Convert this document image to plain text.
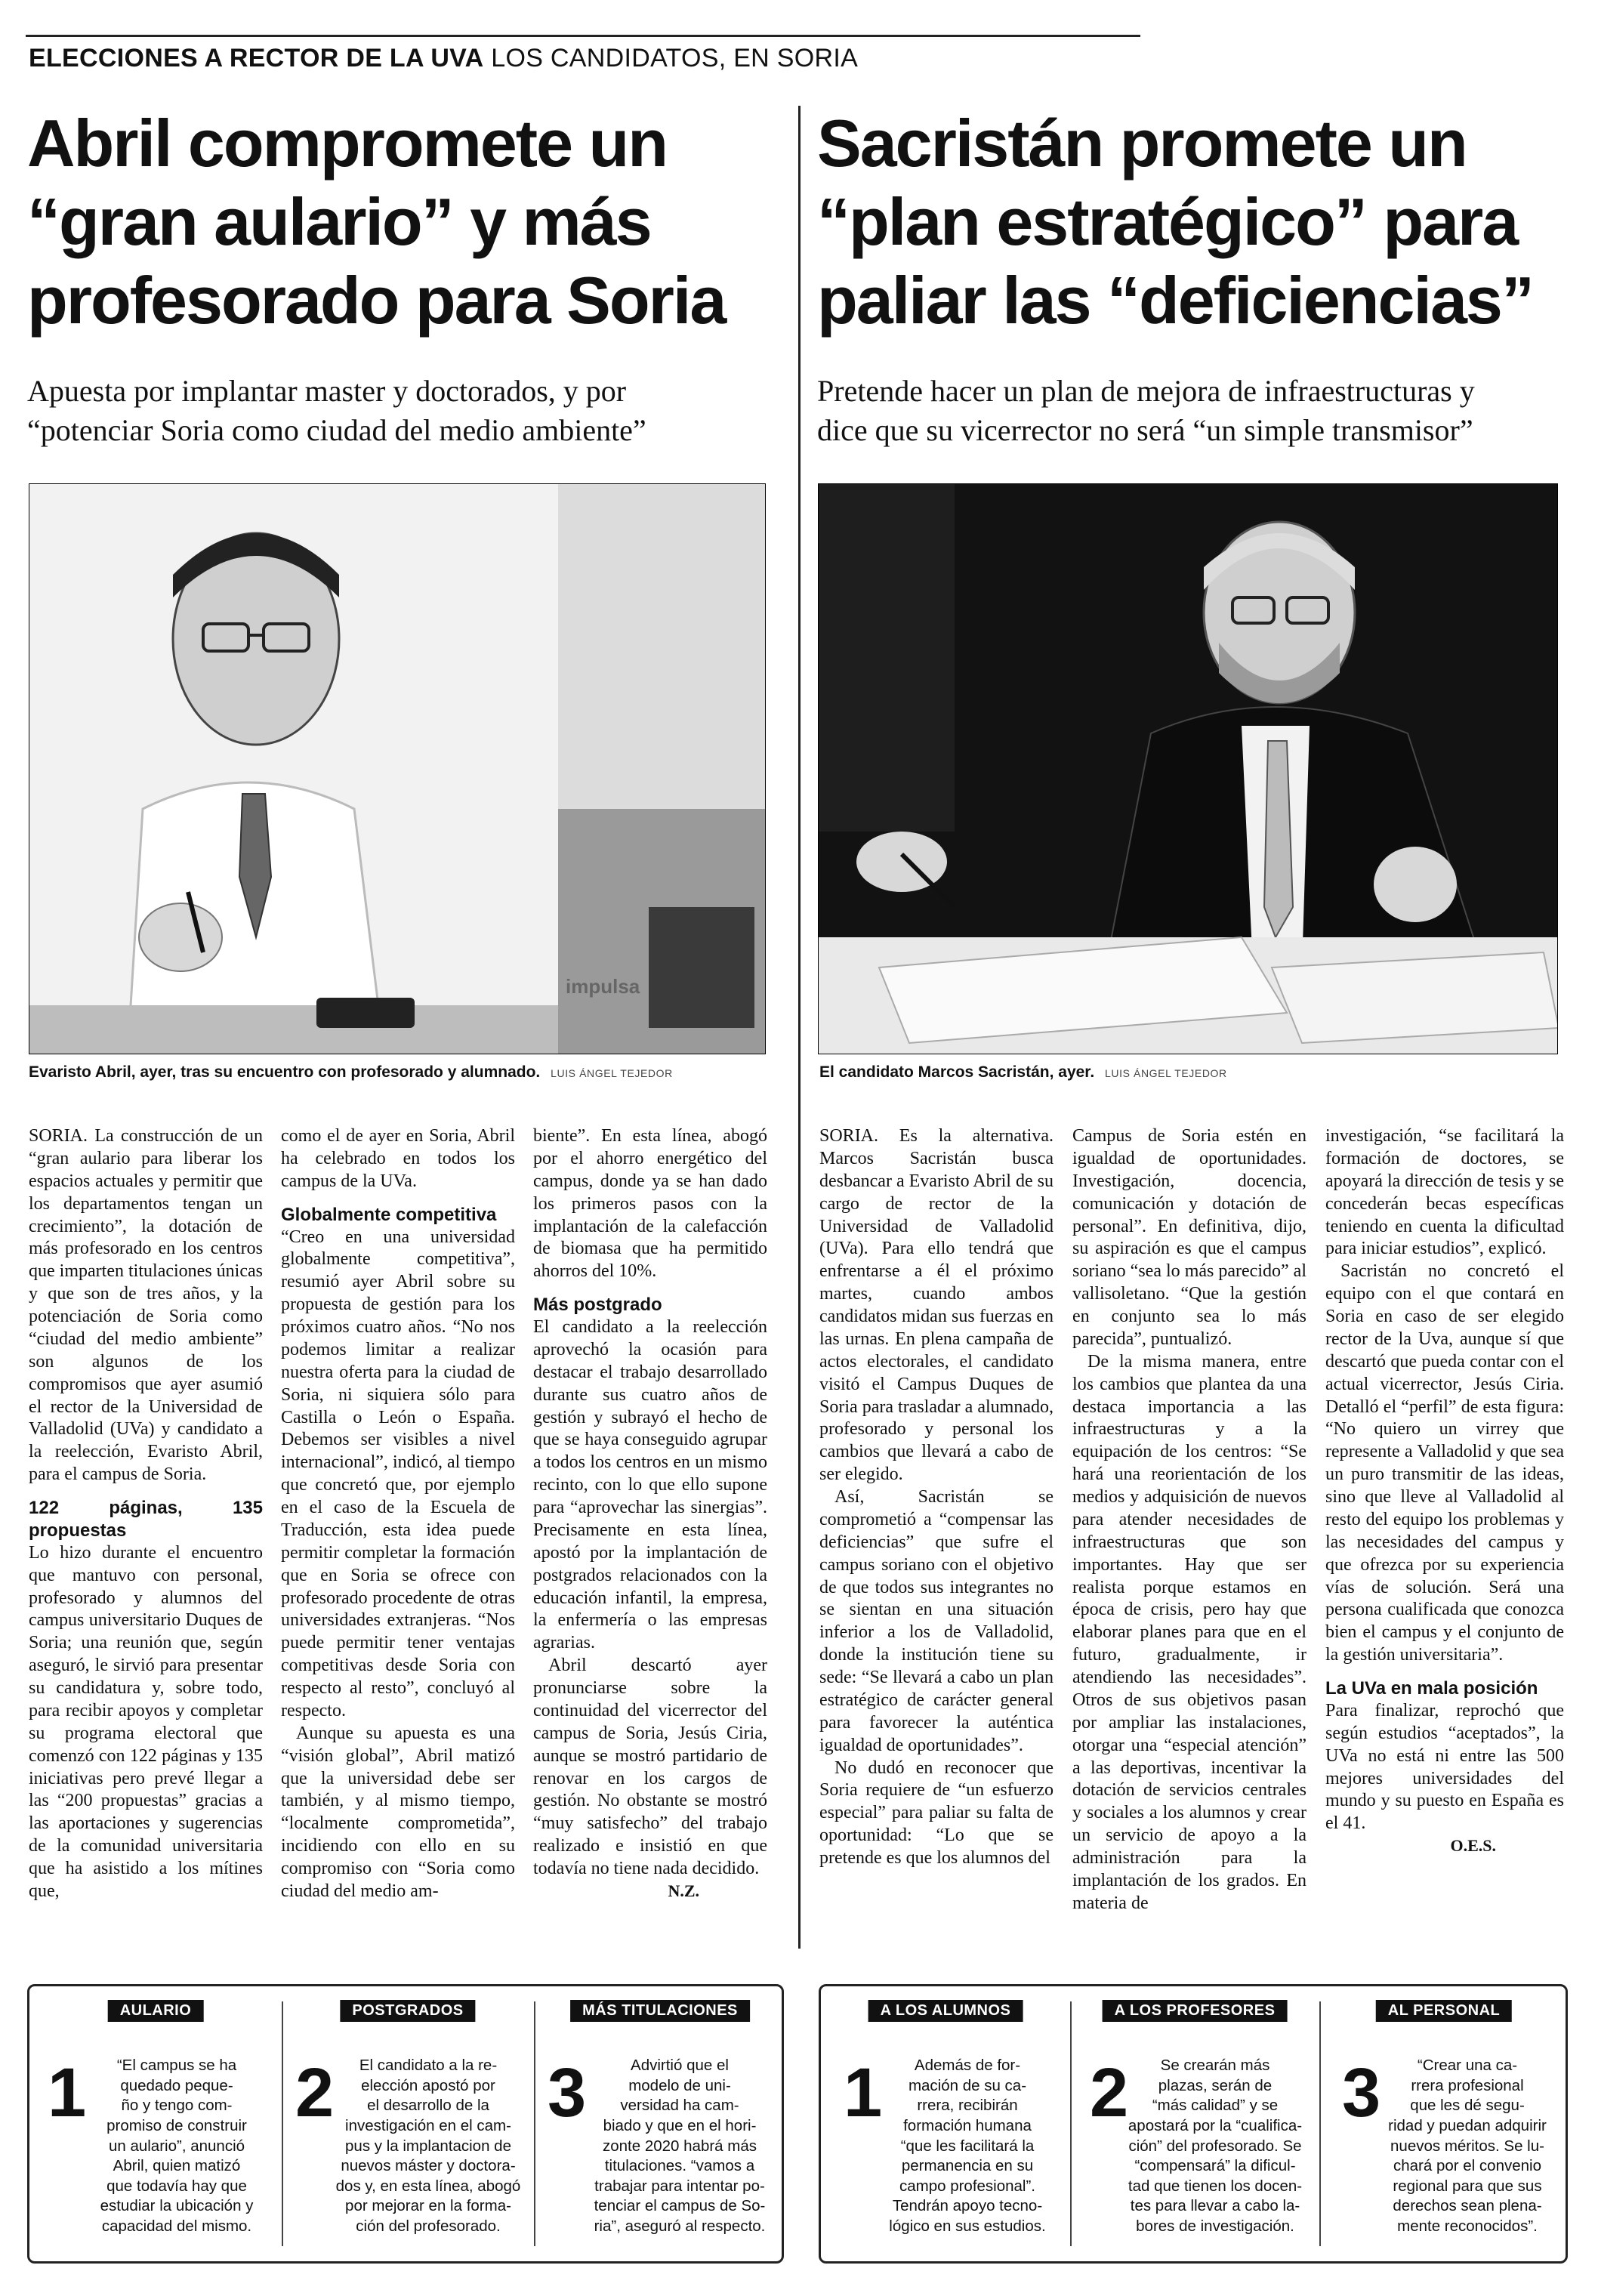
ELECCIONES A RECTOR DE LA UVA LOS CANDIDATOS, EN SORIA
Abril compromete un
“gran aulario” y más
profesorado para Soria
Apuesta por implantar master y doctorados, y por
“potenciar Soria como ciudad del medio ambiente”
impulsa
Evaristo Abril, ayer, tras su encuentro con profesorado y alumnado. LUIS ÁNGEL TEJEDOR
Sacristán promete un
“plan estratégico” para
paliar las “deficiencias”
Pretende hacer un plan de mejora de infraestructuras y
dice que su vicerrector no será “un simple transmisor”
El candidato Marcos Sacristán, ayer. LUIS ÁNGEL TEJEDOR

SORIA. La construcción de un “gran aulario para liberar los espacios actuales y permitir que los departamentos tengan un crecimiento”, la dotación de más profesorado en los centros que imparten titulaciones únicas y que son de tres años, y la potenciación de Soria como “ciudad del medio ambiente” son algunos de los compromisos que ayer asumió el rector de la Universidad de Valladolid (UVa) y candidato a la reelección, Evaristo Abril, para el campus de Soria.

122 páginas, 135 propuestas

Lo hizo durante el encuentro que mantuvo con personal, profesorado y alumnos del campus universitario Duques de Soria; una reunión que, según aseguró, le sirvió para presentar su candidatura y, sobre todo, para recibir apoyos y completar su programa electoral que comenzó con 122 páginas y 135 iniciativas pero prevé llegar a las “200 propuestas” gracias a las aportaciones y sugerencias de la comunidad universitaria que ha asistido a los mítines que,

como el de ayer en Soria, Abril ha celebrado en todos los campus de la UVa.

Globalmente competitiva

“Creo en una universidad globalmente competitiva”, resumió ayer Abril sobre su propuesta de gestión para los próximos cuatro años. “No nos podemos limitar a realizar nuestra oferta para la ciudad de Soria, ni siquiera sólo para Castilla o León o España. Debemos ser visibles a nivel internacional”, indicó, al tiempo que concretó que, por ejemplo en el caso de la Escuela de Traducción, esta idea puede permitir completar la formación que en Soria se ofrece con profesorado procedente de otras universidades extranjeras. “Nos puede permitir tener ventajas competitivas desde Soria con respecto al resto”, concluyó al respecto.

Aunque su apuesta es una “visión global”, Abril matizó que la universidad debe ser también, y al mismo tiempo, “localmente comprometida”, incidiendo con ello en su compromiso con “Soria como ciudad del medio am-

biente”. En esta línea, abogó por el ahorro energético del campus, donde ya se han dado los primeros pasos con la implantación de la calefacción de biomasa que ha permitido ahorros del 10%.

Más postgrado

El candidato a la reelección aprovechó la ocasión para destacar el trabajo desarrollado durante sus cuatro años de gestión y subrayó el hecho de que se haya conseguido agrupar a todos los centros en un mismo recinto, con lo que ello supone para “aprovechar las sinergias”. Precisamente en esta línea, apostó por la implantación de postgrados relacionados con la educación infantil, la empresa, la enfermería o las empresas agrarias.

Abril descartó ayer pronunciarse sobre la continuidad del vicerrector del campus de Soria, Jesús Ciria, aunque se mostró partidario de renovar en los cargos de gestión. No obstante se mostró “muy satisfecho” del trabajo realizado e insistió en que todavía no tiene nada decidido.

N.Z.

SORIA. Es la alternativa. Marcos Sacristán busca desbancar a Evaristo Abril de su cargo de rector de la Universidad de Valladolid (UVa). Para ello tendrá que enfrentarse a él el próximo martes, cuando ambos candidatos midan sus fuerzas en las urnas. En plena campaña de actos electorales, el candidato visitó el Campus Duques de Soria para trasladar a alumnado, profesorado y personal los cambios que llevará a cabo de ser elegido.

Así, Sacristán se comprometió a “compensar las deficiencias” que sufre el campus soriano con el objetivo de que todos sus integrantes no se sientan en una situación inferior a los de Valladolid, donde la institución tiene su sede: “Se llevará a cabo un plan estratégico de carácter general para favorecer la auténtica igualdad de oportunidades”.

No dudó en reconocer que Soria requiere de “un esfuerzo especial” para paliar su falta de oportunidad: “Lo que se pretende es que los alumnos del

Campus de Soria estén en igualdad de oportunidades. Investigación, docencia, comunicación y dotación de personal”. En definitiva, dijo, su aspiración es que el campus soriano “sea lo más parecido” al vallisoletano. “Que la gestión en conjunto sea lo más parecida”, puntualizó.

De la misma manera, entre los cambios que plantea da una destaca importancia a las infraestructuras y a la equipación de los centros: “Se hará una reorientación de los medios y adquisición de nuevos para atender necesidades de infraestructuras que son importantes. Hay que ser realista porque estamos en época de crisis, pero hay que elaborar planes para que en el futuro, gradualmente, ir atendiendo las necesidades”. Otros de sus objetivos pasan por ampliar las instalaciones, otorgar una “especial atención” a las deportivas, incentivar la dotación de servicios centrales y sociales a los alumnos y crear un servicio de apoyo a la administración para la implantación de los grados. En materia de

investigación, “se facilitará la formación de doctores, se apoyará la dirección de tesis y se concederán becas específicas teniendo en cuenta la dificultad para iniciar estudios”, explicó.

Sacristán no concretó el equipo con el que contará en Soria en caso de ser elegido rector de la Uva, aunque sí que descartó que pueda contar con el actual vicerrector, Jesús Ciria. Detalló el “perfil” de esta figura: “No quiero un virrey que represente a Valladolid y que sea un puro transmitir de las ideas, sino que lleve al Valladolid al resto del equipo los problemas y las necesidades del campus y que ofrezca por su experiencia vías de solución. Será una persona cualificada que conozca bien el campus y el conjunto de la gestión universitaria”.

La UVa en mala posición

Para finalizar, reprochó que según estudios “aceptados”, la UVa no está ni entre las 500 mejores universidades del mundo y su puesto en España es el 41.

O.E.S.

AULARIO
1	“El campus se ha
quedado peque-
ño y tengo com-
promiso de construir
un aulario”, anunció
Abril, quien matizó
que todavía hay que
estudiar la ubicación y
capacidad del mismo.
POSTGRADOS
2	El candidato a la re-
elección apostó por
el desarrollo de la
investigación en el cam-
pus y la implantacion de
nuevos máster y doctora-
dos y, en esta línea, abogó
por mejorar en la forma-
ción del profesorado.
MÁS TITULACIONES
3	Advirtió que el
modelo de uni-
versidad ha cam-
biado y que en el hori-
zonte 2020 habrá más
titulaciones. “vamos a
trabajar para intentar po-
tenciar el campus de So-
ria”, aseguró al respecto.
A LOS ALUMNOS
1	Además de for-
mación de su ca-
rrera, recibirán
formación humana
“que les facilitará la
permanencia en su
campo profesional”.
Tendrán apoyo tecno-
lógico en sus estudios.
A LOS PROFESORES
2	Se crearán más
plazas, serán de
“más calidad” y se
apostará por la “cualifica-
ción” del profesorado. Se
“compensará” la dificul-
tad que tienen los docen-
tes para llevar a cabo la-
bores de investigación.
AL PERSONAL
3	“Crear una ca-
rrera profesional
que les dé segu-
ridad y puedan adquirir
nuevos méritos. Se lu-
chará por el convenio
regional para que sus
derechos sean plena-
mente reconocidos”.
